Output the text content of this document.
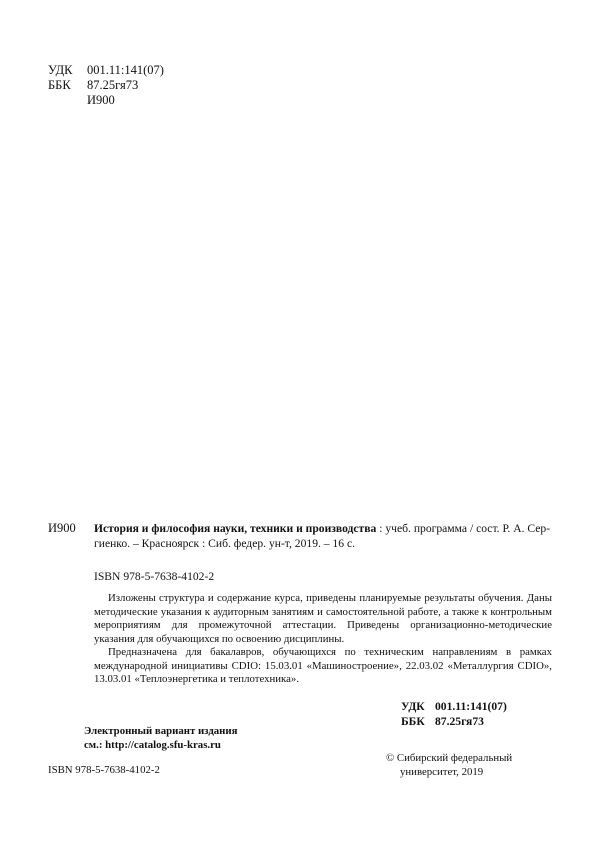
УДК	001.11:141(07)
ББК	87.25гя73
И900
И900 История и философия науки, техники и производства : учеб. программа / сост. Р. А. Сер-
гиенко. – Красноярск : Сиб. федер. ун-т, 2019. – 16 с.
ISBN 978-5-7638-4102-2
Изложены структура и содержание курса, приведены планируемые результаты обучения. Даны методические указания к аудиторным занятиям и самостоятельной работе, а также к контрольным мероприятиям для промежуточной аттестации. Приведены организационно-методические указания для обучающихся по освоению дисциплины.
Предназначена для бакалавров, обучающихся по техническим направлениям в рамках международной инициативы CDIO: 15.03.01 «Машиностроение», 22.03.02 «Металлургия CDIO», 13.03.01 «Теплоэнергетика и теплотехника».
УДК 001.11:141(07)
ББК 87.25гя73
Электронный вариант издания
см.: http://catalog.sfu-kras.ru
© Сибирский федеральный
университет, 2019
ISBN 978-5-7638-4102-2
